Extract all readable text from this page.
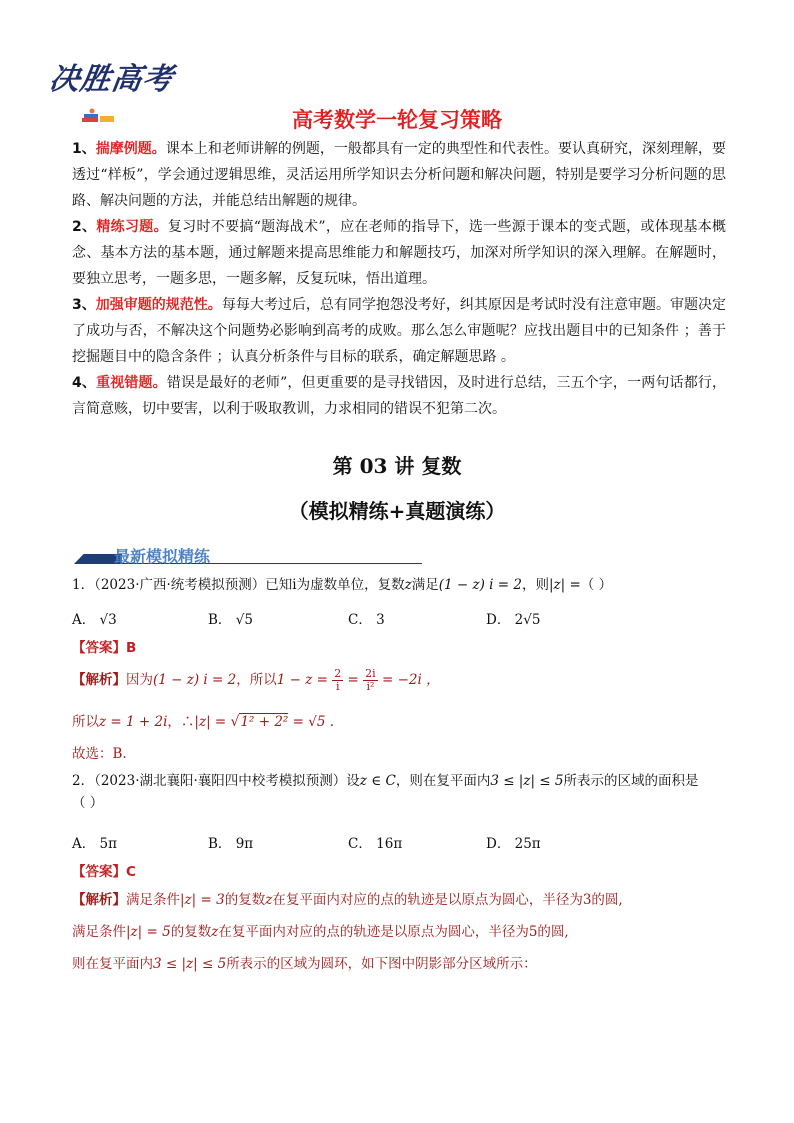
决胜高考
高考数学一轮复习策略

1、揣摩例题。课本上和老师讲解的例题，一般都具有一定的典型性和代表性。要认真研究，深刻理解，要透过“样板”，学会通过逻辑思维，灵活运用所学知识去分析问题和解决问题，特别是要学习分析问题的思路、解决问题的方法，并能总结出解题的规律。

2、精练习题。复习时不要搞“题海战术”，应在老师的指导下，选一些源于课本的变式题，或体现基本概念、基本方法的基本题，通过解题来提高思维能力和解题技巧，加深对所学知识的深入理解。在解题时，要独立思考，一题多思，一题多解，反复玩味，悟出道理。

3、加强审题的规范性。每每大考过后，总有同学抱怨没考好，纠其原因是考试时没有注意审题。审题决定了成功与否，不解决这个问题势必影响到高考的成败。那么怎么审题呢？应找出题目中的已知条件 ；善于挖掘题目中的隐含条件 ；认真分析条件与目标的联系，确定解题思路 。

4、重视错题。错误是最好的老师”，但更重要的是寻找错因，及时进行总结，三五个字，一两句话都行，言简意赅，切中要害，以利于吸取教训，力求相同的错误不犯第二次。

第 03 讲 复数
（模拟精练+真题演练）
最新模拟精练
1．（2023·广西·统考模拟预测）已知i为虚数单位，复数z满足(1 − z) i = 2，则|z| =（ ）
A． √3	B． √5	C． 3	D． 2√5
【答案】B
【解析】因为(1 − z) i = 2，所以$1 - z = \frac{2}{i} = \frac{2i}{\text{i²}} = -2i$ ，
所以z = 1 + 2i，∴|z| = √1² + 2² = √5 .
故选：B.
2．（2023·湖北襄阳·襄阳四中校考模拟预测）设z ∈ C，则在复平面内3 ≤ |z| ≤ 5所表示的区域的面积是
（ ）
A． 5π	B． 9π	C． 16π	D． 25π
【答案】C
【解析】满足条件|z| = 3的复数z在复平面内对应的点的轨迹是以原点为圆心，半径为3的圆,
满足条件|z| = 5的复数z在复平面内对应的点的轨迹是以原点为圆心，半径为5的圆,
则在复平面内3 ≤ |z| ≤ 5所表示的区域为圆环，如下图中阴影部分区域所示：
